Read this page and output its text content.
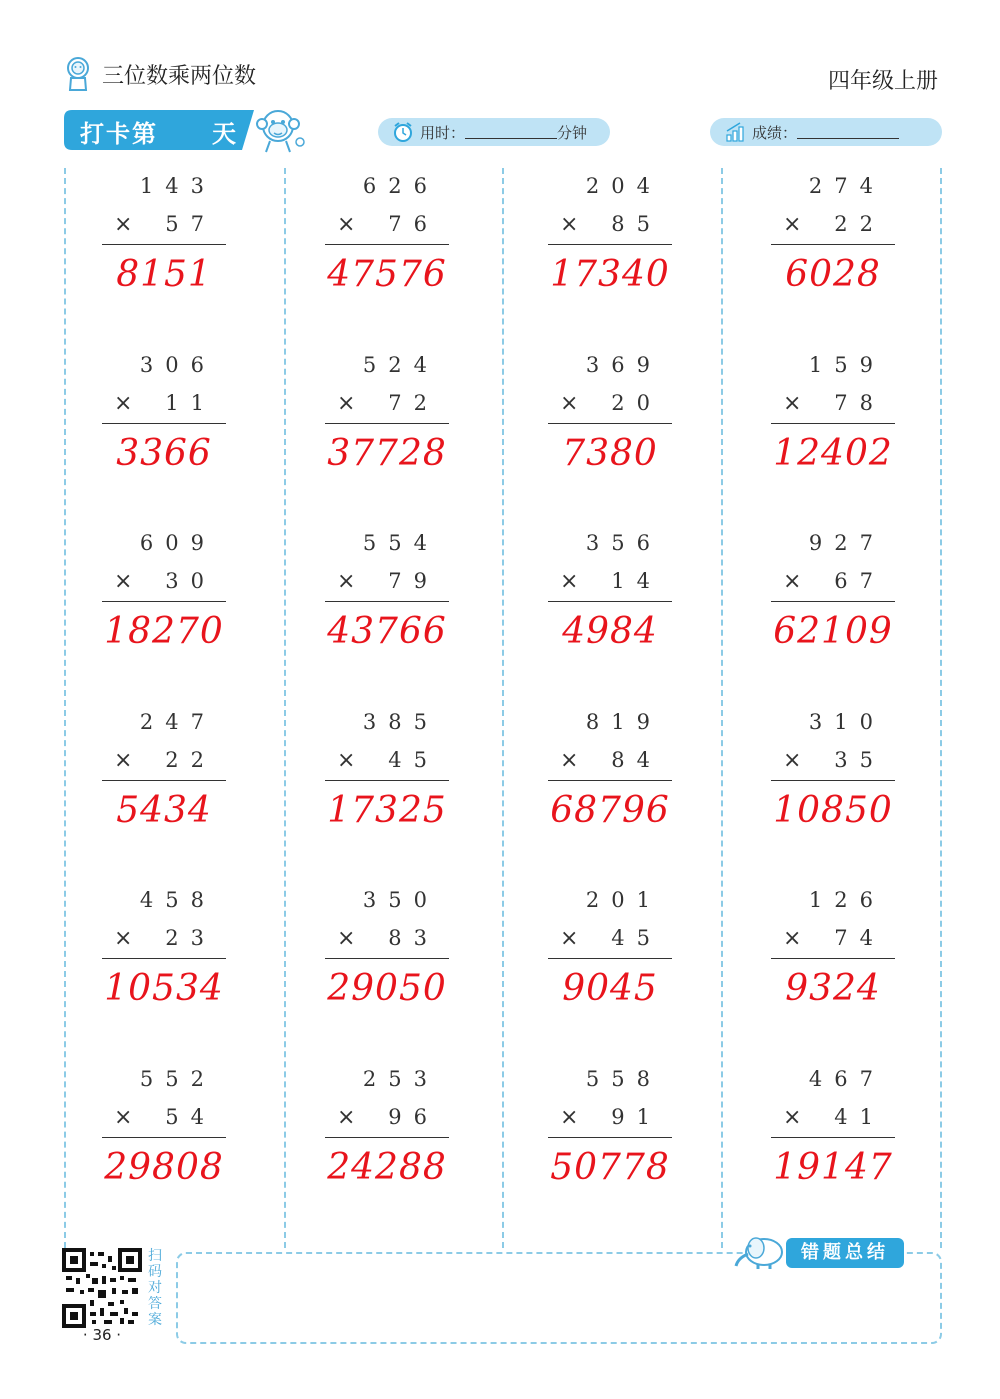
三位数乘两位数	四年级上册
打卡第 天	用时：	分钟	成绩：
143
× 57
8151
626
× 76
47576
204
× 85
17340
274
× 22
6028
306
× 11
3366
524
× 72
37728
369
× 20
7380
159
× 78
12402
609
× 30
18270
554
× 79
43766
356
× 14
4984
927
× 67
62109
247
× 22
5434
385
× 45
17325
819
× 84
68796
310
× 35
10850
458
× 23
10534
350
× 83
29050
201
× 45
9045
126
× 74
9324
552
× 54
29808
253
× 96
24288
558
× 91
50778
467
× 41
19147
扫码对答案
· 36 ·
错题总结
